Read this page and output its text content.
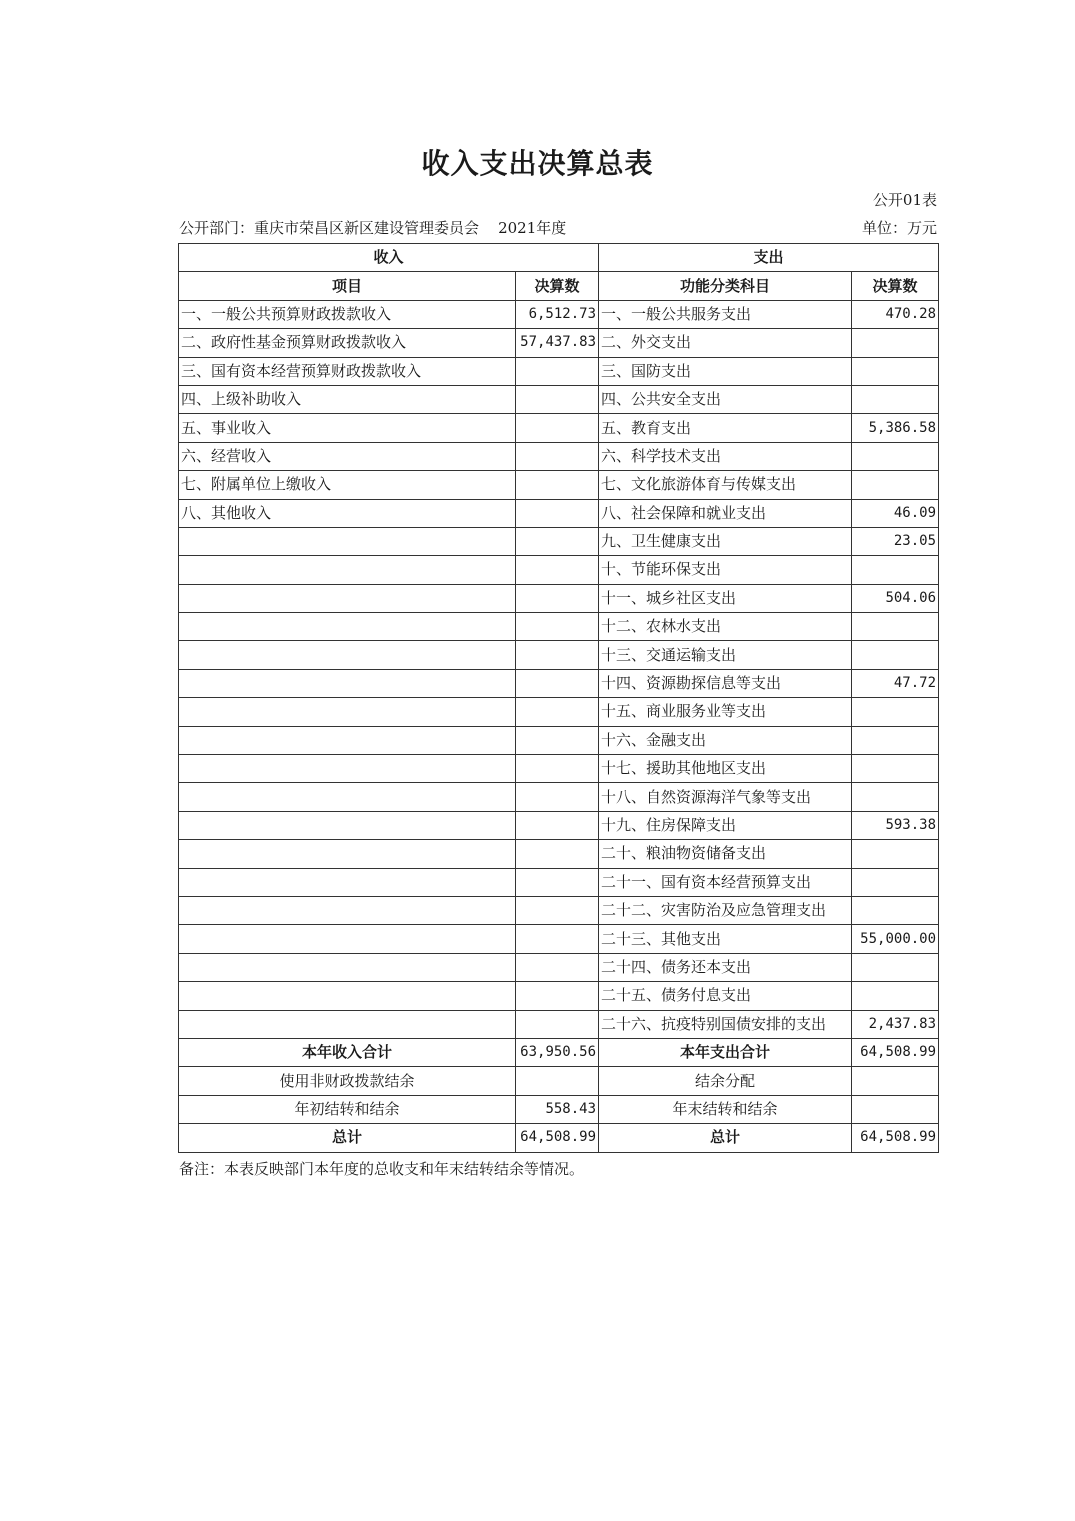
收入支出决算总表
公开01表
公开部门：重庆市荣昌区新区建设管理委员会 2021年度	单位：万元
收入		支出	
项目	决算数	功能分类科目	决算数
一、一般公共预算财政拨款收入	6,512.73	一、一般公共服务支出	470.28
二、政府性基金预算财政拨款收入	57,437.83	二、外交支出	
三、国有资本经营预算财政拨款收入		三、国防支出	
四、上级补助收入		四、公共安全支出	
五、事业收入		五、教育支出	5,386.58
六、经营收入		六、科学技术支出	
七、附属单位上缴收入		七、文化旅游体育与传媒支出	
八、其他收入		八、社会保障和就业支出	46.09
		九、卫生健康支出	23.05
		十、节能环保支出	
		十一、城乡社区支出	504.06
		十二、农林水支出	
		十三、交通运输支出	
		十四、资源勘探信息等支出	47.72
		十五、商业服务业等支出	
		十六、金融支出	
		十七、援助其他地区支出	
		十八、自然资源海洋气象等支出	
		十九、住房保障支出	593.38
		二十、粮油物资储备支出	
		二十一、国有资本经营预算支出	
		二十二、灾害防治及应急管理支出	
		二十三、其他支出	55,000.00
		二十四、债务还本支出	
		二十五、债务付息支出	
		二十六、抗疫特别国债安排的支出	2,437.83
本年收入合计	63,950.56	本年支出合计	64,508.99
使用非财政拨款结余		结余分配	
年初结转和结余	558.43	年末结转和结余	
总计	64,508.99	总计	64,508.99
备注：本表反映部门本年度的总收支和年末结转结余等情况。
